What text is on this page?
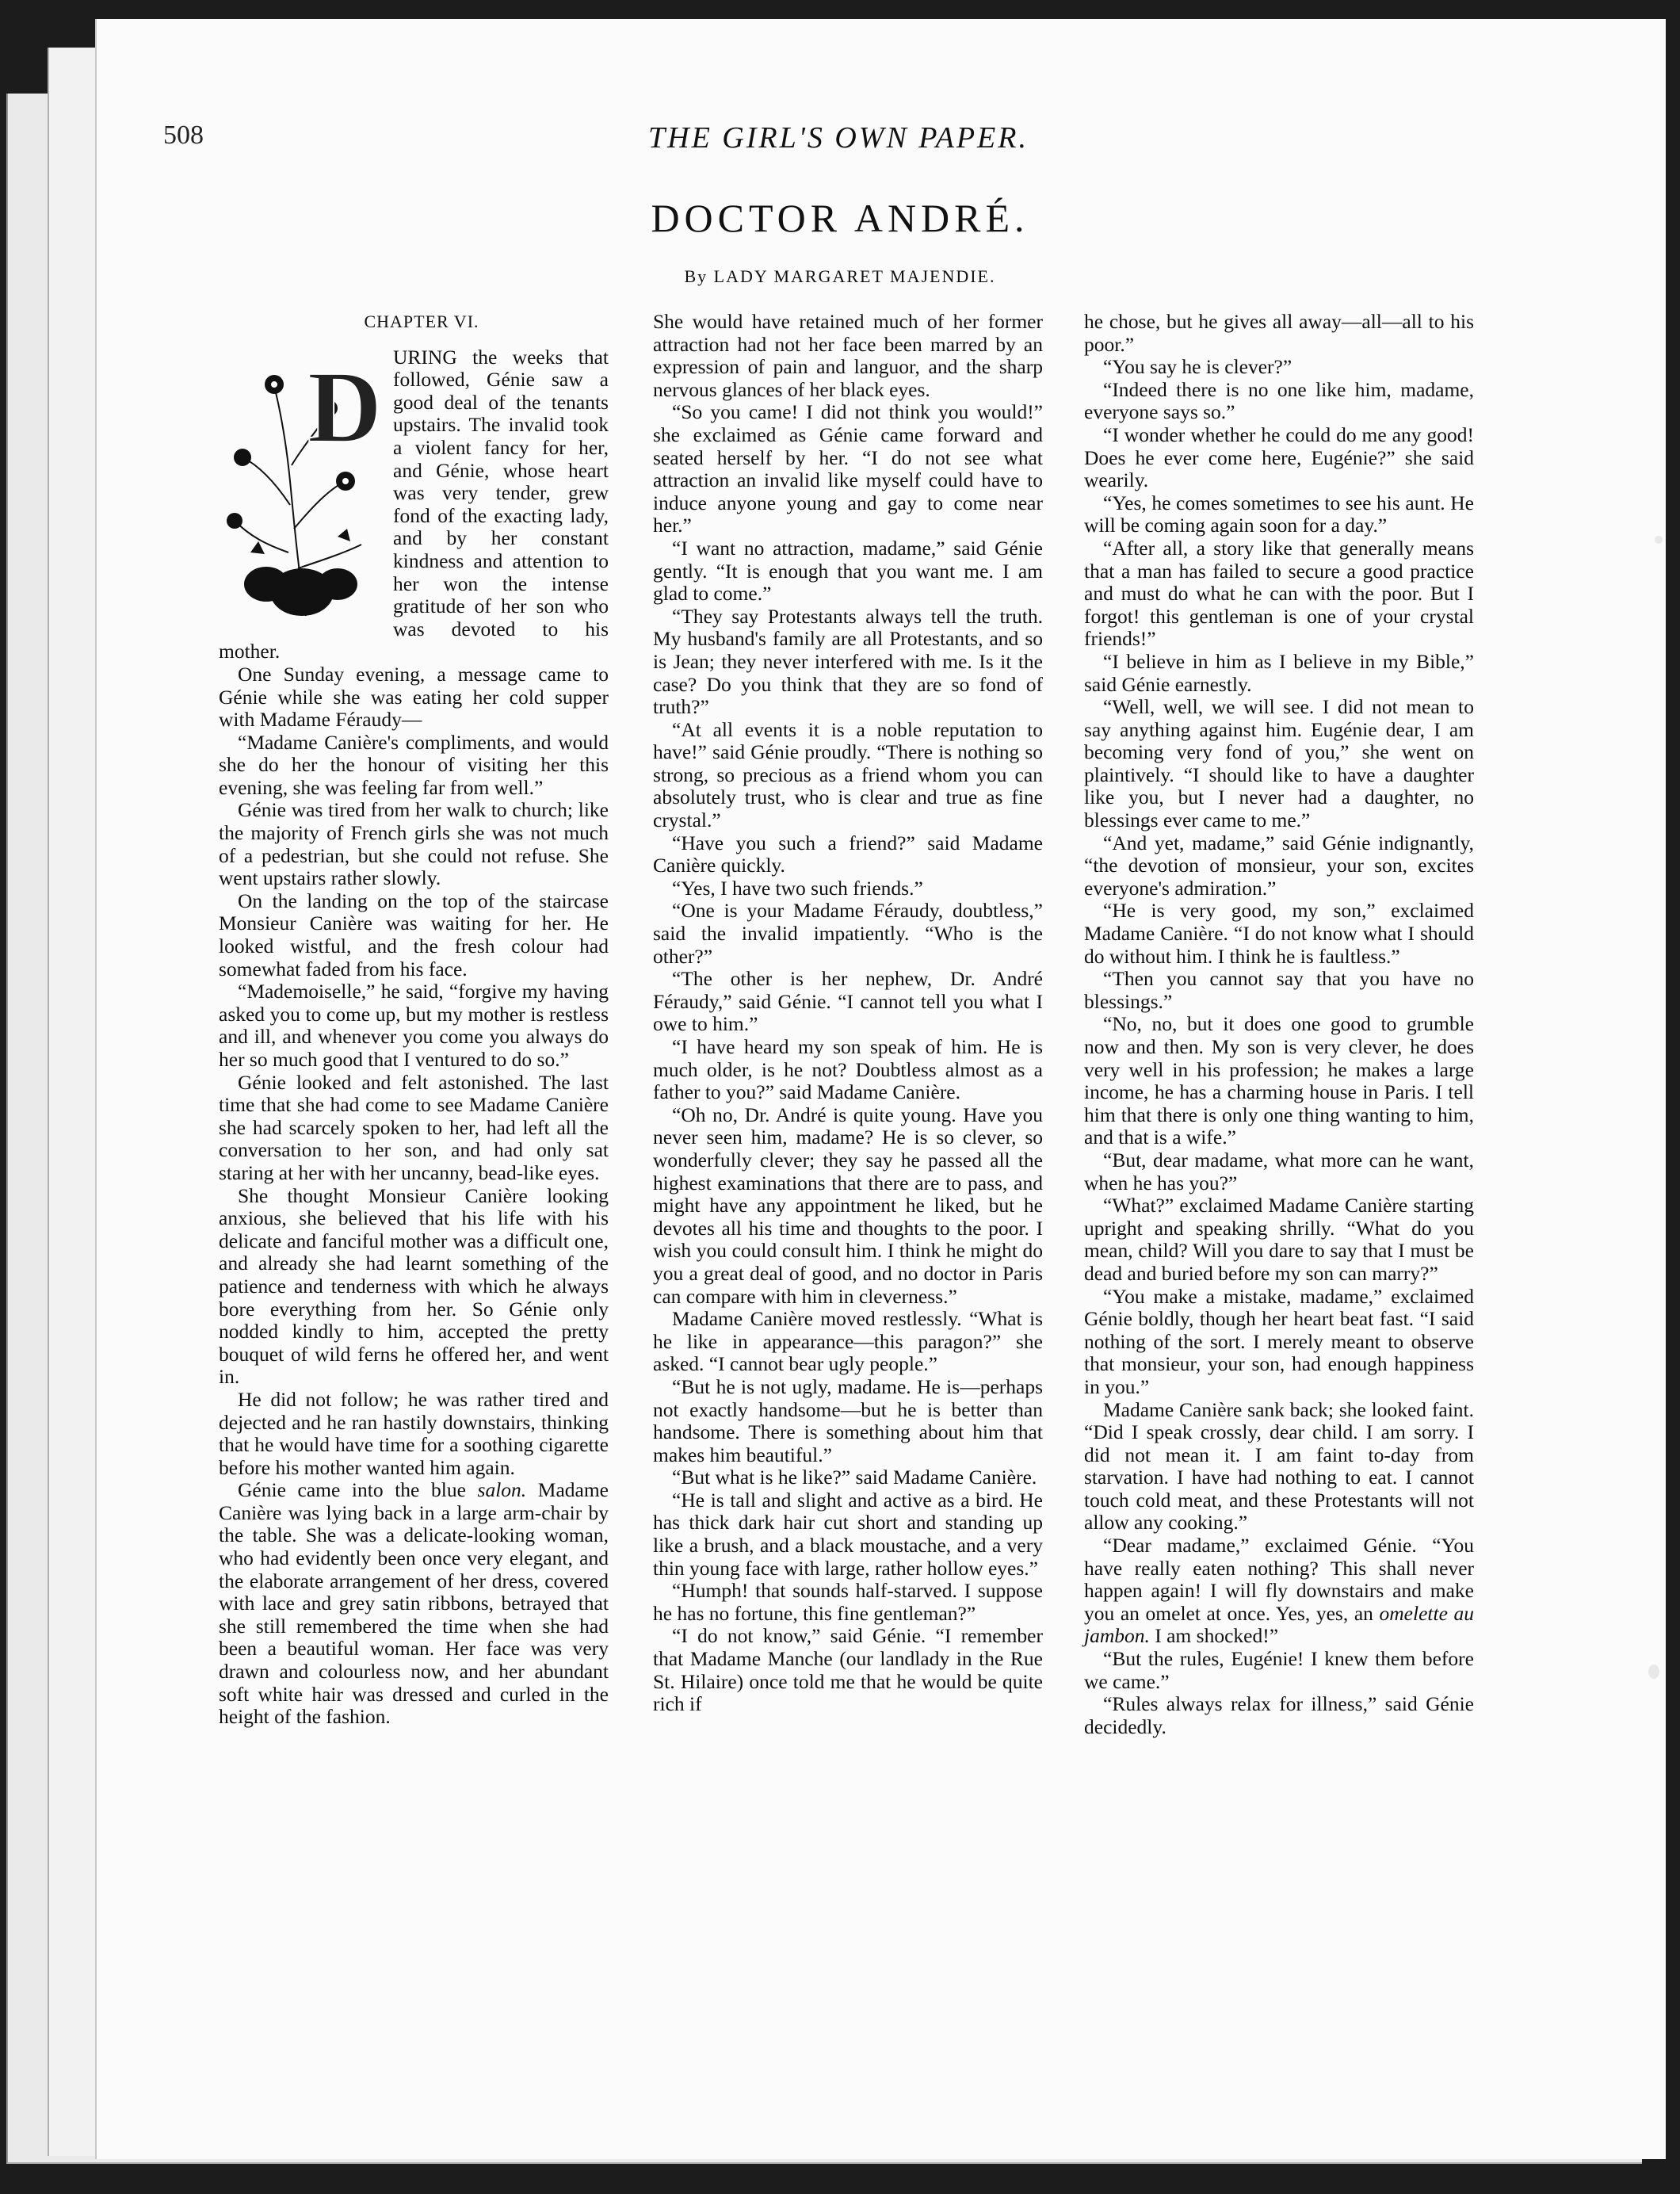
508	THE GIRL'S OWN PAPER.
DOCTOR ANDRÉ.
By LADY MARGARET MAJENDIE.
CHAPTER VI.
D URING the weeks that followed, Génie saw a good deal of the tenants upstairs. The invalid took a violent fancy for her, and Génie, whose heart was very tender, grew fond of the exacting lady, and by her constant kindness and attention to her won the intense gratitude of her son who was devoted to his mother.

One Sunday evening, a message came to Génie while she was eating her cold supper with Madame Féraudy—

“Madame Canière's compliments, and would she do her the honour of visiting her this evening, she was feeling far from well.”

Génie was tired from her walk to church; like the majority of French girls she was not much of a pedestrian, but she could not refuse. She went upstairs rather slowly.

On the landing on the top of the staircase Monsieur Canière was waiting for her. He looked wistful, and the fresh colour had somewhat faded from his face.

“Mademoiselle,” he said, “forgive my having asked you to come up, but my mother is restless and ill, and whenever you come you always do her so much good that I ventured to do so.”

Génie looked and felt astonished. The last time that she had come to see Madame Canière she had scarcely spoken to her, had left all the conversation to her son, and had only sat staring at her with her uncanny, bead-like eyes.

She thought Monsieur Canière looking anxious, she believed that his life with his delicate and fanciful mother was a difficult one, and already she had learnt something of the patience and tenderness with which he always bore everything from her. So Génie only nodded kindly to him, accepted the pretty bouquet of wild ferns he offered her, and went in.

He did not follow; he was rather tired and dejected and he ran hastily downstairs, thinking that he would have time for a soothing cigarette before his mother wanted him again.

Génie came into the blue salon. Madame Canière was lying back in a large arm-chair by the table. She was a delicate-looking woman, who had evidently been once very elegant, and the elaborate arrangement of her dress, covered with lace and grey satin ribbons, betrayed that she still remembered the time when she had been a beautiful woman. Her face was very drawn and colourless now, and her abundant soft white hair was dressed and curled in the height of the fashion.

She would have retained much of her former attraction had not her face been marred by an expression of pain and languor, and the sharp nervous glances of her black eyes.

“So you came! I did not think you would!” she exclaimed as Génie came forward and seated herself by her. “I do not see what attraction an invalid like myself could have to induce anyone young and gay to come near her.”

“I want no attraction, madame,” said Génie gently. “It is enough that you want me. I am glad to come.”

“They say Protestants always tell the truth. My husband's family are all Protestants, and so is Jean; they never interfered with me. Is it the case? Do you think that they are so fond of truth?”

“At all events it is a noble reputation to have!” said Génie proudly. “There is nothing so strong, so precious as a friend whom you can absolutely trust, who is clear and true as fine crystal.”

“Have you such a friend?” said Madame Canière quickly.

“Yes, I have two such friends.”

“One is your Madame Féraudy, doubtless,” said the invalid impatiently. “Who is the other?”

“The other is her nephew, Dr. André Féraudy,” said Génie. “I cannot tell you what I owe to him.”

“I have heard my son speak of him. He is much older, is he not? Doubtless almost as a father to you?” said Madame Canière.

“Oh no, Dr. André is quite young. Have you never seen him, madame? He is so clever, so wonderfully clever; they say he passed all the highest examinations that there are to pass, and might have any appointment he liked, but he devotes all his time and thoughts to the poor. I wish you could consult him. I think he might do you a great deal of good, and no doctor in Paris can compare with him in cleverness.”

Madame Canière moved restlessly. “What is he like in appearance—this paragon?” she asked. “I cannot bear ugly people.”

“But he is not ugly, madame. He is—perhaps not exactly handsome—but he is better than handsome. There is something about him that makes him beautiful.”

“But what is he like?” said Madame Canière.

“He is tall and slight and active as a bird. He has thick dark hair cut short and standing up like a brush, and a black moustache, and a very thin young face with large, rather hollow eyes.”

“Humph! that sounds half-starved. I suppose he has no fortune, this fine gentleman?”

“I do not know,” said Génie. “I remember that Madame Manche (our landlady in the Rue St. Hilaire) once told me that he would be quite rich if

he chose, but he gives all away—all—all to his poor.”

“You say he is clever?”

“Indeed there is no one like him, madame, everyone says so.”

“I wonder whether he could do me any good! Does he ever come here, Eugénie?” she said wearily.

“Yes, he comes sometimes to see his aunt. He will be coming again soon for a day.”

“After all, a story like that generally means that a man has failed to secure a good practice and must do what he can with the poor. But I forgot! this gentleman is one of your crystal friends!”

“I believe in him as I believe in my Bible,” said Génie earnestly.

“Well, well, we will see. I did not mean to say anything against him. Eugénie dear, I am becoming very fond of you,” she went on plaintively. “I should like to have a daughter like you, but I never had a daughter, no blessings ever came to me.”

“And yet, madame,” said Génie indignantly, “the devotion of monsieur, your son, excites everyone's admiration.”

“He is very good, my son,” exclaimed Madame Canière. “I do not know what I should do without him. I think he is faultless.”

“Then you cannot say that you have no blessings.”

“No, no, but it does one good to grumble now and then. My son is very clever, he does very well in his profession; he makes a large income, he has a charming house in Paris. I tell him that there is only one thing wanting to him, and that is a wife.”

“But, dear madame, what more can he want, when he has you?”

“What?” exclaimed Madame Canière starting upright and speaking shrilly. “What do you mean, child? Will you dare to say that I must be dead and buried before my son can marry?”

“You make a mistake, madame,” exclaimed Génie boldly, though her heart beat fast. “I said nothing of the sort. I merely meant to observe that monsieur, your son, had enough happiness in you.”

Madame Canière sank back; she looked faint. “Did I speak crossly, dear child. I am sorry. I did not mean it. I am faint to-day from starvation. I have had nothing to eat. I cannot touch cold meat, and these Protestants will not allow any cooking.”

“Dear madame,” exclaimed Génie. “You have really eaten nothing? This shall never happen again! I will fly downstairs and make you an omelet at once. Yes, yes, an omelette au jambon. I am shocked!”

“But the rules, Eugénie! I knew them before we came.”

“Rules always relax for illness,” said Génie decidedly.
